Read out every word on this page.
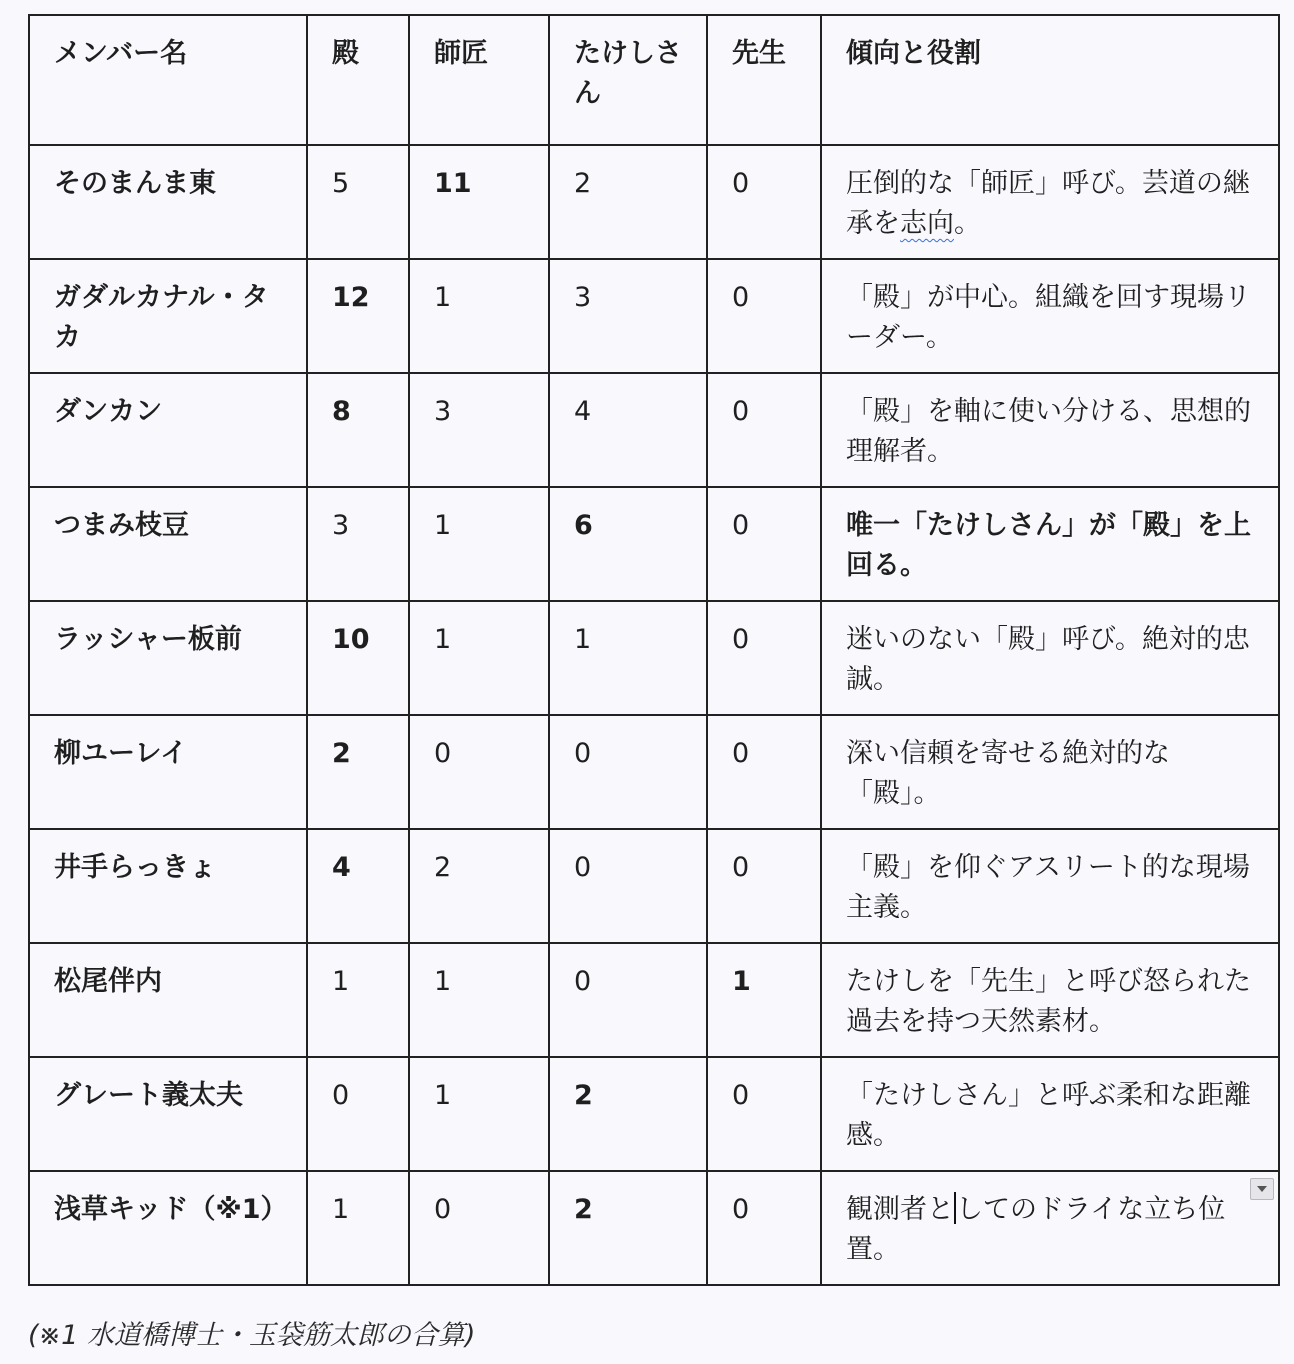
メンバー名	殿	師匠	たけしさん	先生	傾向と役割
そのまんま東	5	11	2	0	圧倒的な「師匠」呼び。芸道の継承を志向。
ガダルカナル・タカ	12	1	3	0	「殿」が中心。組織を回す現場リーダー。
ダンカン	8	3	4	0	「殿」を軸に使い分ける、思想的理解者。
つまみ枝豆	3	1	6	0	唯一「たけしさん」が「殿」を上回る。
ラッシャー板前	10	1	1	0	迷いのない「殿」呼び。絶対的忠誠。
柳ユーレイ	2	0	0	0	深い信頼を寄せる絶対的な「殿」。
井手らっきょ	4	2	0	0	「殿」を仰ぐアスリート的な現場主義。
松尾伴内	1	1	0	1	たけしを「先生」と呼び怒られた過去を持つ天然素材。
グレート義太夫	0	1	2	0	「たけしさん」と呼ぶ柔和な距離感。
浅草キッド（※1）	1	0	2	0	観測者としてのドライな立ち位置。
(※1 水道橋博士・玉袋筋太郎の合算)
